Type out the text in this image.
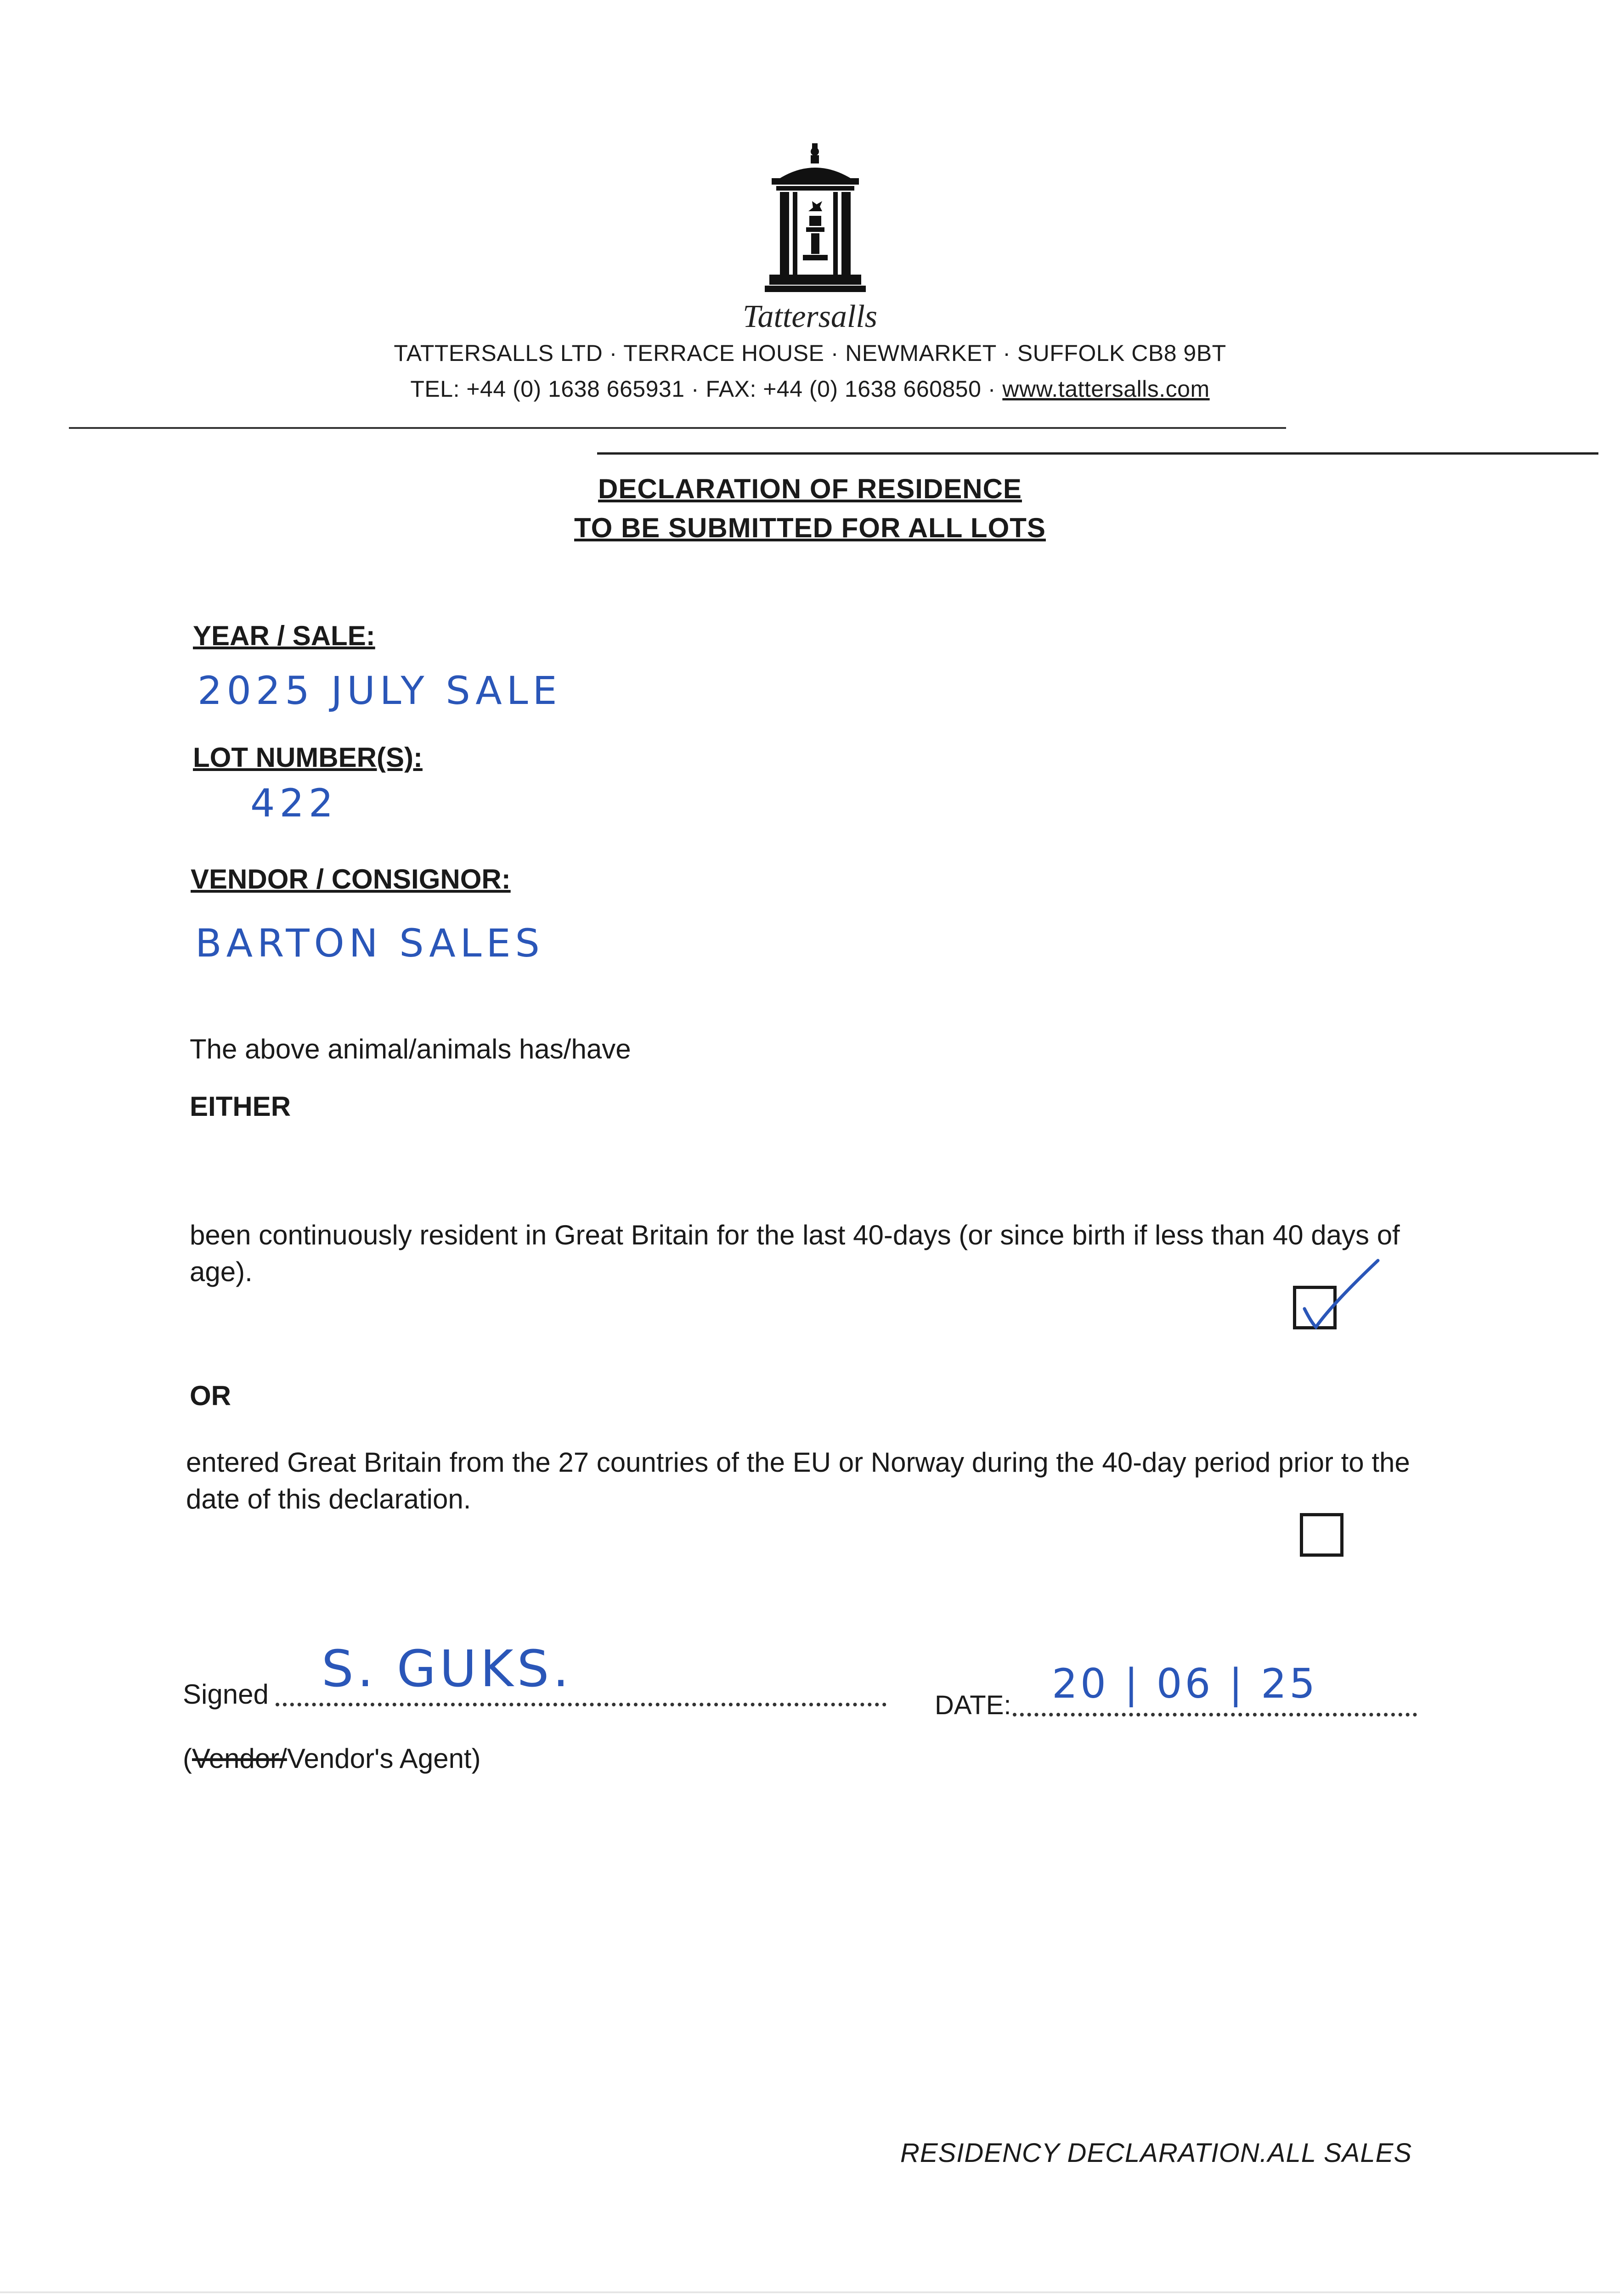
Tattersalls
TATTERSALLS LTD · TERRACE HOUSE · NEWMARKET · SUFFOLK CB8 9BT
TEL: +44 (0) 1638 665931 · FAX: +44 (0) 1638 660850 · www.tattersalls.com
DECLARATION OF RESIDENCE
TO BE SUBMITTED FOR ALL LOTS
YEAR / SALE:
2025 JULY SALE
LOT NUMBER(S):
422
VENDOR / CONSIGNOR:
BARTON SALES
The above animal/animals has/have
EITHER
been continuously resident in Great Britain for the last 40-days (or since birth if less than 40 days of age).
OR
entered Great Britain from the 27 countries of the EU or Norway during the 40-day period prior to the date of this declaration.
Signed S. GUKS.
DATE: 20 | 06 | 25
(Vendor/Vendor's Agent)
RESIDENCY DECLARATION.ALL SALES
